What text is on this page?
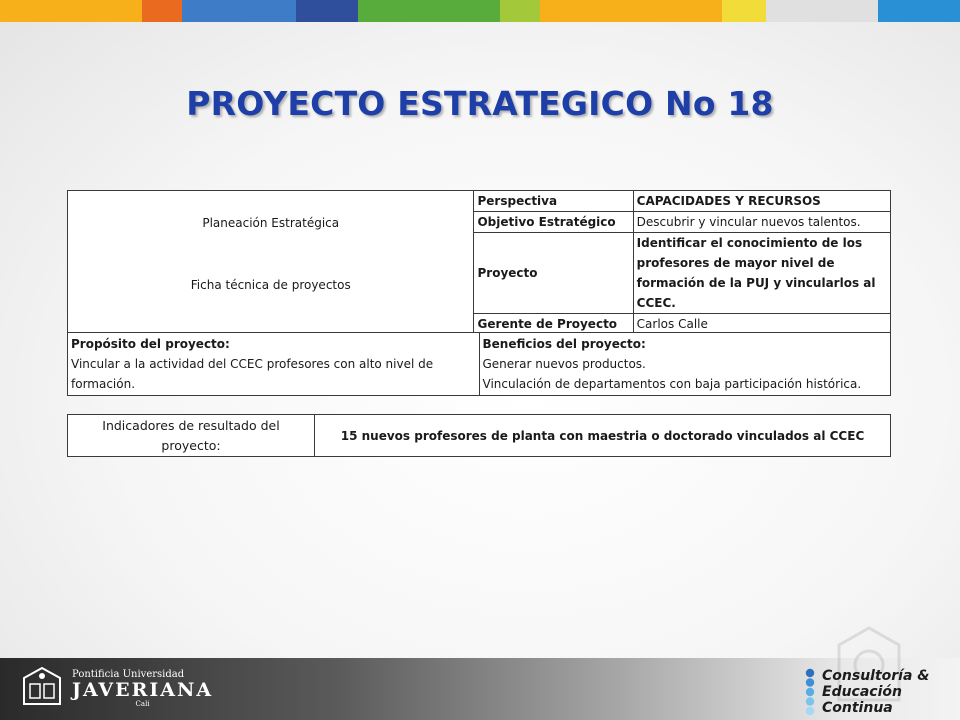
PROYECTO ESTRATEGICO No 18
Planeación Estratégica
Ficha técnica de proyectos	Perspectiva	CAPACIDADES Y RECURSOS
	Objetivo Estratégico	Descubrir y vincular nuevos talentos.
	Proyecto	Identificar el conocimiento de los profesores de mayor nivel de formación de la PUJ y vincularlos al CCEC.
	Gerente de Proyecto	Carlos Calle
Propósito del proyecto:
Vincular a la actividad del CCEC profesores con alto nivel de formación.

Beneficios del proyecto:
Generar nuevos productos.
Vinculación de departamentos con baja participación histórica.
Indicadores de resultado del proyecto:	15 nuevos profesores de planta con maestria o doctorado vinculados al CCEC
Pontificia Universidad
JAVERIANA
Cali
Consultoría &
Educación Continua
